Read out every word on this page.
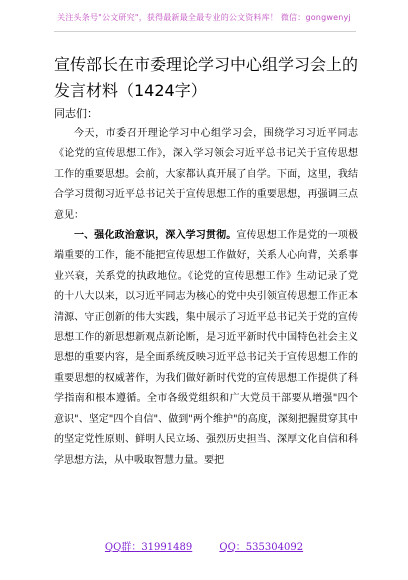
关注头条号"公文研究"，获得最新最全最专业的公文资料库！ 微信：gongwenyj
宣传部长在市委理论学习中心组学习会上的发言材料（1424字）
同志们：

今天，市委召开理论学习中心组学习会，围绕学习习近平同志《论党的宣传思想工作》，深入学习领会习近平总书记关于宣传思想工作的重要思想。会前，大家都认真开展了自学。下面，这里，我结合学习贯彻习近平总书记关于宣传思想工作的重要思想，再强调三点意见：

一、强化政治意识，深入学习贯彻。宣传思想工作是党的一项极端重要的工作，能不能把宣传思想工作做好，关系人心向背，关系事业兴衰，关系党的执政地位。《论党的宣传思想工作》生动记录了党的十八大以来，以习近平同志为核心的党中央引领宣传思想工作正本清源、守正创新的伟大实践，集中展示了习近平总书记关于党的宣传思想工作的新思想新观点新论断，是习近平新时代中国特色社会主义思想的重要内容，是全面系统反映习近平总书记关于宣传思想工作的重要思想的权威著作，为我们做好新时代党的宣传思想工作提供了科学指南和根本遵循。全市各级党组织和广大党员干部要从增强"四个意识"、坚定"四个自信"、做到"两个维护"的高度，深刻把握贯穿其中的坚定党性原则、鲜明人民立场、强烈历史担当、深厚文化自信和科学思想方法，从中吸取智慧力量。要把

QQ群：31991489	QQ：535304092
